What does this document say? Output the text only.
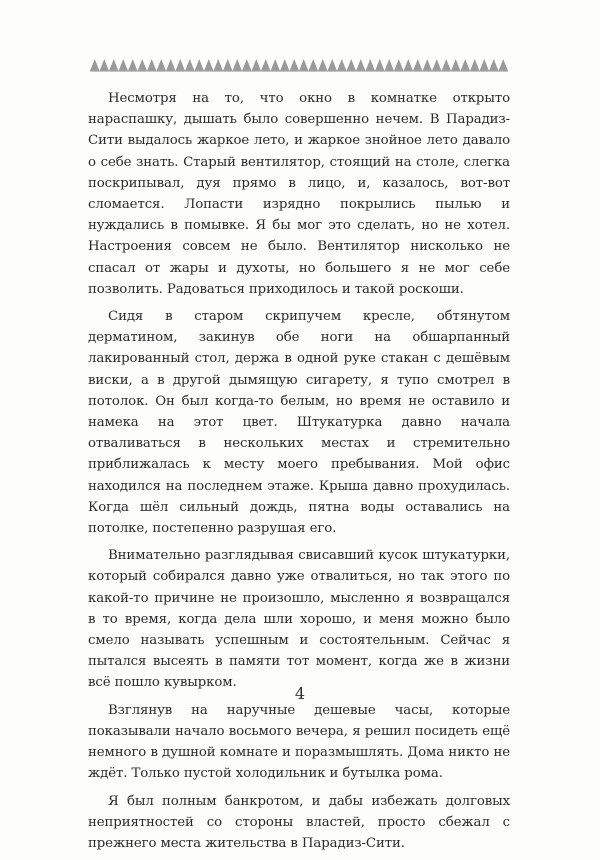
Несмотря на то, что окно в комнатке открыто нараспашку, дышать было совершенно нечем. В Парадиз-Сити выдалось жаркое лето, и жаркое знойное лето давало о себе знать. Старый вентилятор, стоящий на столе, слегка поскрипывал, дуя прямо в лицо, и, казалось, вот-вот сломается. Лопасти изрядно покрылись пылью и нуждались в помывке. Я бы мог это сделать, но не хотел. Настроения совсем не было. Вентилятор нисколько не спасал от жары и духоты, но большего я не мог себе позволить. Радоваться приходилось и такой роскоши.

Сидя в старом скрипучем кресле, обтянутом дерматином, закинув обе ноги на обшарпанный лакированный стол, держа в одной руке стакан с дешёвым виски, а в другой дымящую сигарету, я тупо смотрел в потолок. Он был когда-то белым, но время не оставило и намека на этот цвет. Штукатурка давно начала отваливаться в нескольких местах и стремительно приближалась к месту моего пребывания. Мой офис находился на последнем этаже. Крыша давно прохудилась. Когда шёл сильный дождь, пятна воды оставались на потолке, постепенно разрушая его.

Внимательно разглядывая свисавший кусок штукатурки, который собирался давно уже отвалиться, но так этого по какой-то причине не произошло, мысленно я возвращался в то время, когда дела шли хорошо, и меня можно было смело называть успешным и состоятельным. Сейчас я пытался высеять в памяти тот момент, когда же в жизни всё пошло кувырком.

Взглянув на наручные дешевые часы, которые показывали начало восьмого вечера, я решил посидеть ещё немного в душной комнате и поразмышлять. Дома никто не ждёт. Только пустой холодильник и бутылка рома.

Я был полным банкротом, и дабы избежать долговых неприятностей со стороны властей, просто сбежал с прежнего места жительства в Парадиз-Сити.

4
